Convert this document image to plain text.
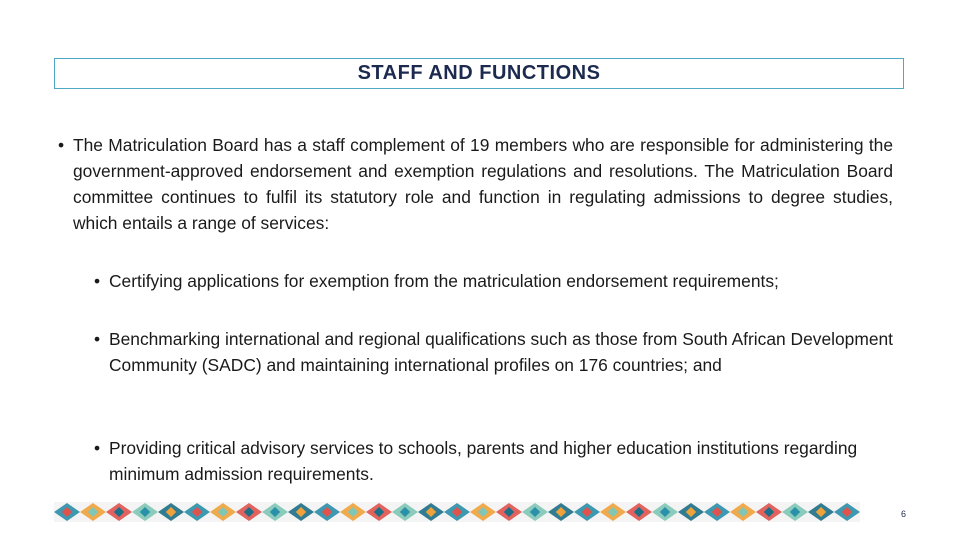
STAFF AND FUNCTIONS
• The Matriculation Board has a staff complement of 19 members who are responsible for administering the government-approved endorsement and exemption regulations and resolutions. The Matriculation Board committee continues to fulfil its statutory role and function in regulating admissions to degree studies, which entails a range of services:
• Certifying applications for exemption from the matriculation endorsement requirements;
• Benchmarking international and regional qualifications such as those from South African Development Community (SADC) and maintaining international profiles on 176 countries; and
• Providing critical advisory services to schools, parents and higher education institutions regarding minimum admission requirements.
6
